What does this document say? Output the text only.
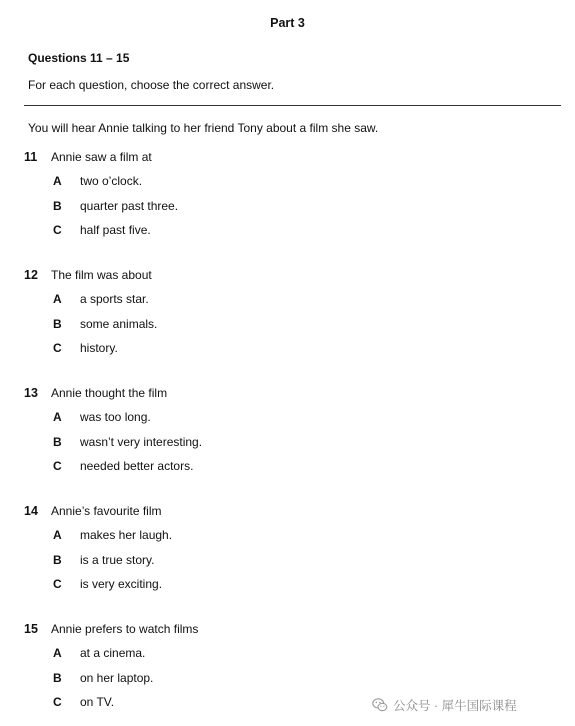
Part 3
Questions 11 – 15
For each question, choose the correct answer.
You will hear Annie talking to her friend Tony about a film she saw.
11 Annie saw a film at
A two o’clock.
B quarter past three.
C half past five.
12 The film was about
A a sports star.
B some animals.
C history.
13 Annie thought the film
A was too long.
B wasn’t very interesting.
C needed better actors.
14 Annie’s favourite film
A makes her laugh.
B is a true story.
C is very exciting.
15 Annie prefers to watch films
A at a cinema.
B on her laptop.
C on TV.	公众号 · 犀牛国际课程
